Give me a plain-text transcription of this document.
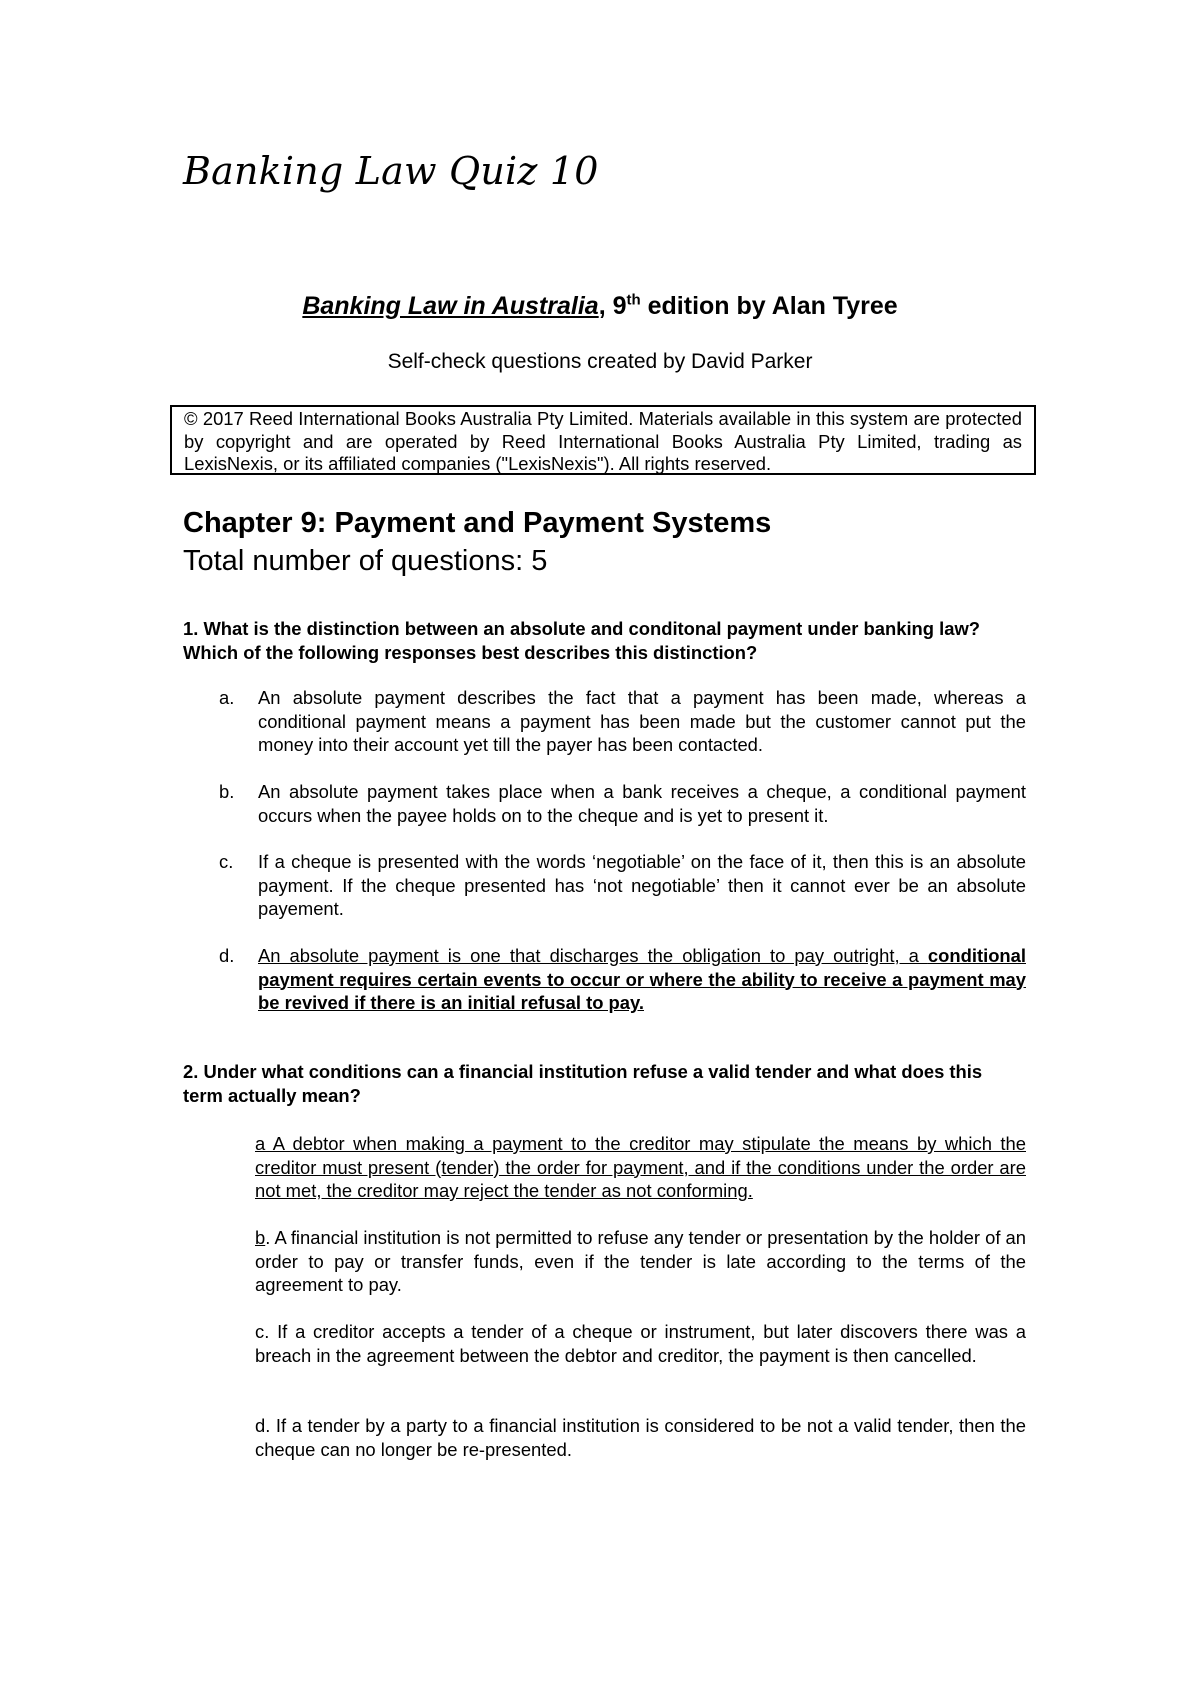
Banking Law Quiz 10
Banking Law in Australia, 9th edition by Alan Tyree
Self-check questions created by David Parker
© 2017 Reed International Books Australia Pty Limited. Materials available in this system are protected by copyright and are operated by Reed International Books Australia Pty Limited, trading as LexisNexis, or its affiliated companies ("LexisNexis"). All rights reserved.
Chapter 9: Payment and Payment Systems
Total number of questions: 5

1. What is the distinction between an absolute and conditonal payment under banking law? Which of the following responses best describes this distinction?

a. An absolute payment describes the fact that a payment has been made, whereas a conditional payment means a payment has been made but the customer cannot put the money into their account yet till the payer has been contacted.
b. An absolute payment takes place when a bank receives a cheque, a conditional payment occurs when the payee holds on to the cheque and is yet to present it.
c. If a cheque is presented with the words ‘negotiable’ on the face of it, then this is an absolute payment. If the cheque presented has ‘not negotiable’ then it cannot ever be an absolute payement.
d. An absolute payment is one that discharges the obligation to pay outright, a conditional payment requires certain events to occur or where the ability to receive a payment may be revived if there is an initial refusal to pay.

2. Under what conditions can a financial institution refuse a valid tender and what does this term actually mean?

a A debtor when making a payment to the creditor may stipulate the means by which the creditor must present (tender) the order for payment, and if the conditions under the order are not met, the creditor may reject the tender as not conforming.
b. A financial institution is not permitted to refuse any tender or presentation by the holder of an order to pay or transfer funds, even if the tender is late according to the terms of the agreement to pay.
c. If a creditor accepts a tender of a cheque or instrument, but later discovers there was a breach in the agreement between the debtor and creditor, the payment is then cancelled.
d. If a tender by a party to a financial institution is considered to be not a valid tender, then the cheque can no longer be re-presented.
